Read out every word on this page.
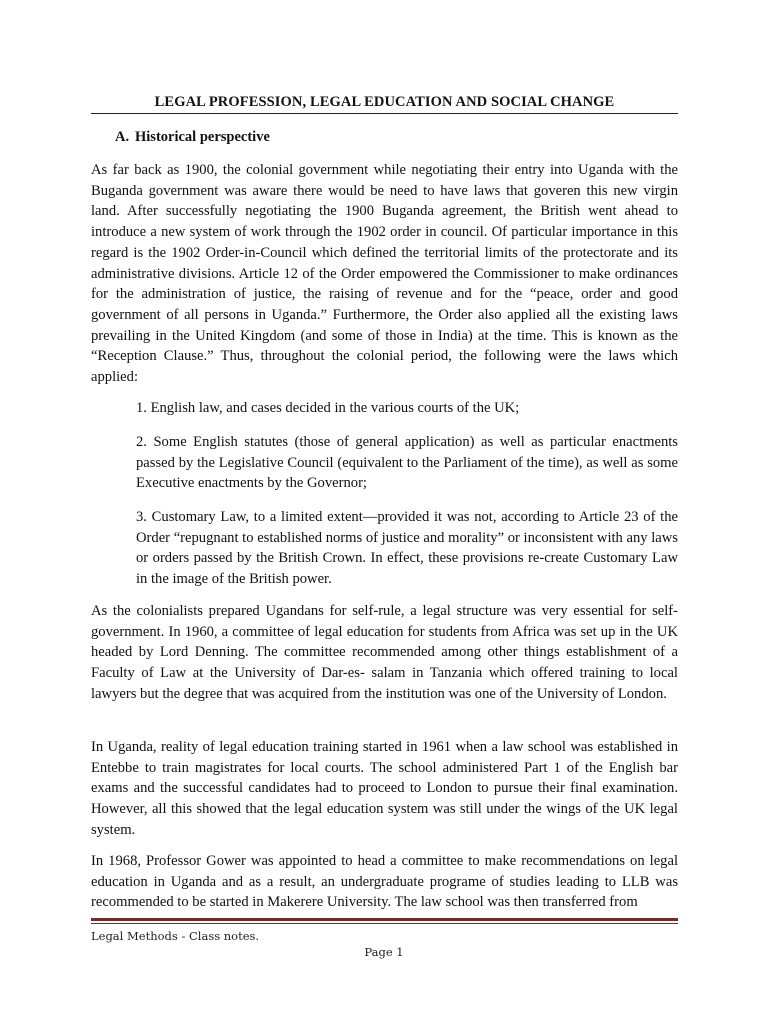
LEGAL PROFESSION, LEGAL EDUCATION AND SOCIAL CHANGE
A. Historical perspective

As far back as 1900, the colonial government while negotiating their entry into Uganda with the Buganda government was aware there would be need to have laws that goveren this new virgin land. After successfully negotiating the 1900 Buganda agreement, the British went ahead to introduce a new system of work through the 1902 order in council. Of particular importance in this regard is the 1902 Order-in-Council which defined the territorial limits of the protectorate and its administrative divisions. Article 12 of the Order empowered the Commissioner to make ordinances for the administration of justice, the raising of revenue and for the “peace, order and good government of all persons in Uganda.” Furthermore, the Order also applied all the existing laws prevailing in the United Kingdom (and some of those in India) at the time. This is known as the “Reception Clause.” Thus, throughout the colonial period, the following were the laws which applied:

1. English law, and cases decided in the various courts of the UK;

2. Some English statutes (those of general application) as well as particular enactments passed by the Legislative Council (equivalent to the Parliament of the time), as well as some Executive enactments by the Governor;

3. Customary Law, to a limited extent—provided it was not, according to Article 23 of the Order “repugnant to established norms of justice and morality” or inconsistent with any laws or orders passed by the British Crown. In effect, these provisions re-create Customary Law in the image of the British power.

As the colonialists prepared Ugandans for self-rule, a legal structure was very essential for self-government. In 1960, a committee of legal education for students from Africa was set up in the UK headed by Lord Denning. The committee recommended among other things establishment of a Faculty of Law at the University of Dar-es- salam in Tanzania which offered training to local lawyers but the degree that was acquired from the institution was one of the University of London.

In Uganda, reality of legal education training started in 1961 when a law school was established in Entebbe to train magistrates for local courts. The school administered Part 1 of the English bar exams and the successful candidates had to proceed to London to pursue their final examination. However, all this showed that the legal education system was still under the wings of the UK legal system.

In 1968, Professor Gower was appointed to head a committee to make recommendations on legal education in Uganda and as a result, an undergraduate programe of studies leading to LLB was recommended to be started in Makerere University. The law school was then transferred from

Legal Methods - Class notes.
Page 1
